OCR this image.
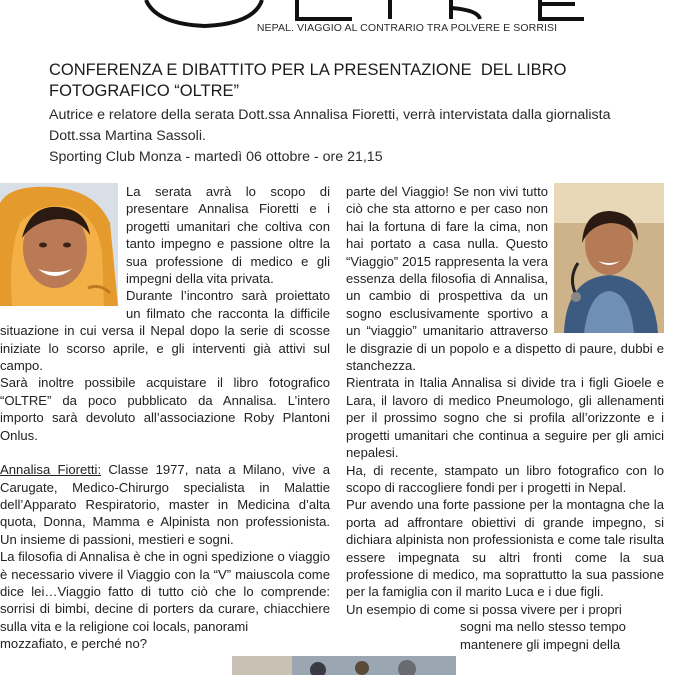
NEPAL. VIAGGIO AL CONTRARIO TRA POLVERE E SORRISI
CONFERENZA E DIBATTITO PER LA PRESENTAZIONE  DEL LIBRO FOTOGRAFICO “OLTRE”
Autrice e relatore della serata Dott.ssa Annalisa Fioretti, verrà intervistata dalla giornalista Dott.ssa Martina Sassoli.
Sporting Club Monza - martedì 06 ottobre - ore 21,15

La serata avrà lo scopo di presentare Annalisa Fioretti e i progetti umanitari che coltiva con tanto impegno e passione oltre la sua professione di medico e gli impegni della vita privata.

Durante l’incontro sarà proiettato un filmato che racconta la difficile situazione in cui versa il Nepal dopo la serie di scosse iniziate lo scorso aprile, e gli interventi già attivi sul campo.

Sarà inoltre possibile acquistare il libro fotografico “OLTRE” da poco pubblicato da Annalisa. L’intero importo sarà devoluto all’associazione Roby Plantoni Onlus.

Annalisa Fioretti: Classe 1977, nata a Milano, vive a Carugate, Medico-Chirurgo specialista in Malattie dell’Apparato Respiratorio, master in Medicina d’alta quota, Donna, Mamma e Alpinista non professionista. Un insieme di passioni, mestieri e sogni.

La filosofia di Annalisa è che in ogni spedizione o viaggio è necessario vivere il Viaggio con la “V” maiuscola come dice lei…Viaggio fatto di tutto ciò che lo comprende: sorrisi di bimbi, decine di porters da curare, chiacchiere sulla vita e la religione coi locals, panorami

mozzafiato, e perché no?

parte del Viaggio! Se non vivi tutto ciò che sta attorno e per caso non hai la fortuna di fare la cima, non hai portato a casa nulla. Questo “Viaggio” 2015 rappresenta la vera essenza della filosofia di Annalisa, un cambio di prospettiva da un sogno esclusivamente sportivo a un “viaggio” umanitario attraverso le disgrazie di un popolo e a dispetto di paure, dubbi e stanchezza.

Rientrata in Italia Annalisa si divide tra i figli Gioele e Lara, il lavoro di medico Pneumologo, gli allenamenti per il prossimo sogno che si profila all’orizzonte e i progetti umanitari che continua a seguire per gli amici nepalesi.

Ha, di recente, stampato un libro fotografico con lo scopo di raccogliere fondi per i progetti in Nepal.

Pur avendo una forte passione per la montagna che la porta ad affrontare obiettivi di grande impegno, si dichiara alpinista non professionista e come tale risulta essere impegnata su altri fronti come la sua professione di medico, ma soprattutto la sua passione per la famiglia con il marito Luca e i due figli.

Un esempio di come si possa vivere per i propri

sogni ma nello stesso tempo

mantenere gli impegni della
